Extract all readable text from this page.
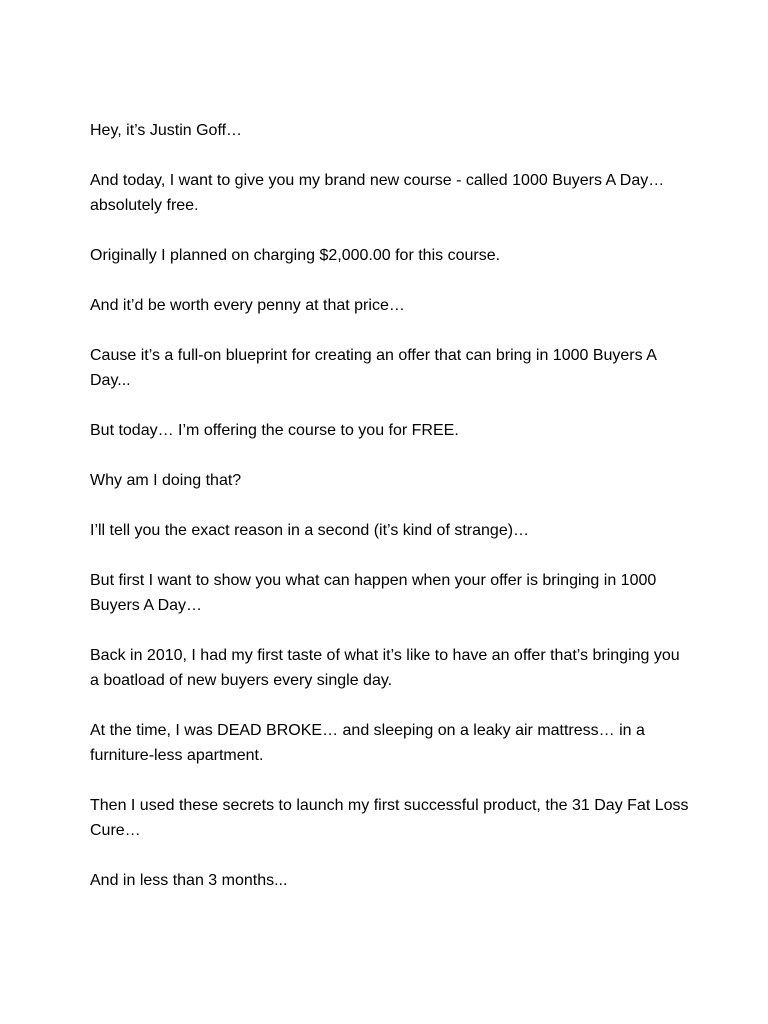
Hey, it’s Justin Goff…

And today, I want to give you my brand new course - called 1000 Buyers A Day… absolutely free.

Originally I planned on charging $2,000.00 for this course.

And it’d be worth every penny at that price…

Cause it’s a full-on blueprint for creating an offer that can bring in 1000 Buyers A Day...

But today… I’m offering the course to you for FREE.

Why am I doing that?

I’ll tell you the exact reason in a second (it’s kind of strange)…

But first I want to show you what can happen when your offer is bringing in 1000 Buyers A Day…

Back in 2010, I had my first taste of what it’s like to have an offer that’s bringing you a boatload of new buyers every single day.

At the time, I was DEAD BROKE… and sleeping on a leaky air mattress… in a furniture-less apartment.

Then I used these secrets to launch my first successful product, the 31 Day Fat Loss Cure…

And in less than 3 months...
